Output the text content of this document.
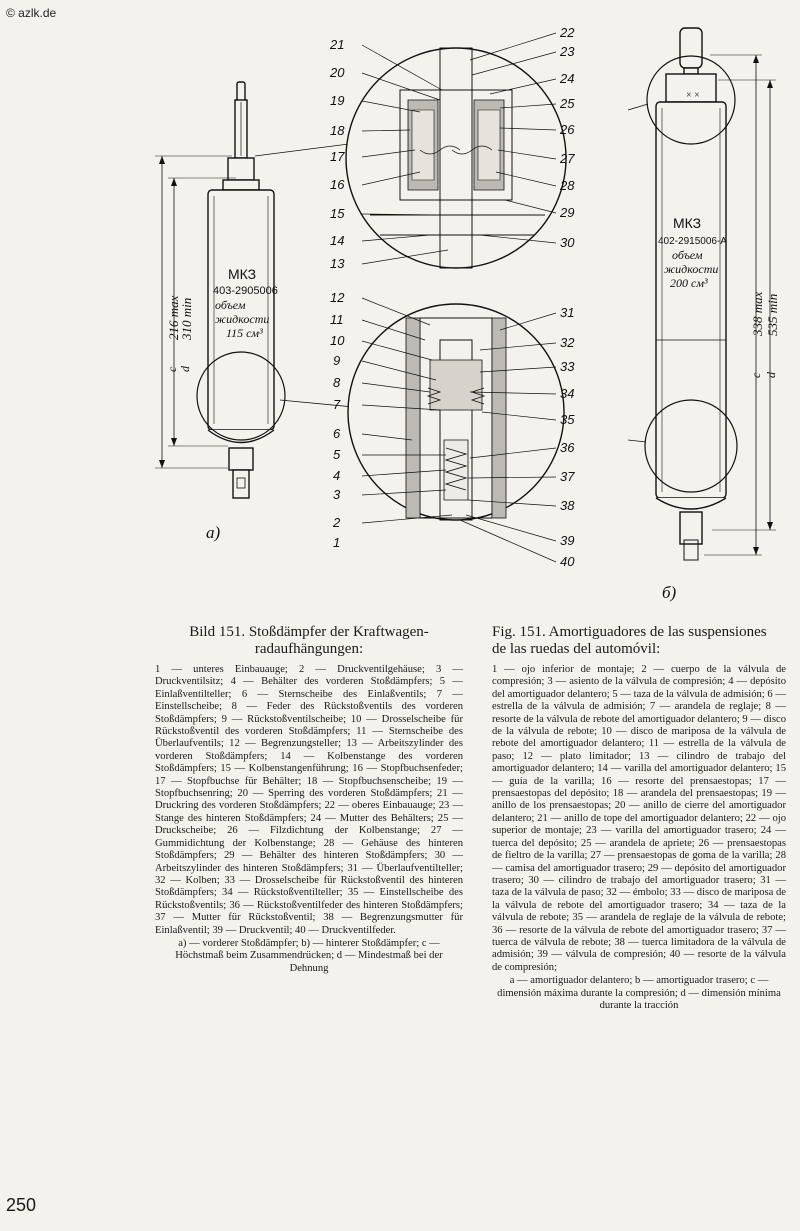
© azlk.de
МКЗ
403-2905006
объем
жидкости
115 см³
216 max
310 min
c d
a)
21
20
19
18
17
16
15
14
13
12
11
10
9
8
7
6
5
4
3
2
1
22
23
24
25
26
27
28
29
30
31
32
33
34
35
36
37
38
39
40
× ×
МКЗ
402-2915006-А
объем
жидкости
200 см³
338 max 535 min
c d
б)
Bild 151. Stoßdämpfer der Kraftwagen-radaufhängungen:
1 — unteres Einbauauge; 2 — Druckventilgehäuse; 3 — Druckventilsitz; 4 — Behälter des vorderen Stoßdämpfers; 5 — Einlaßventilteller; 6 — Sternscheibe des Einlaßventils; 7 — Einstellscheibe; 8 — Feder des Rückstoßventils des vorderen Stoßdämpfers; 9 — Rückstoßventilscheibe; 10 — Drosselscheibe für Rückstoßventil des vorderen Stoßdämpfers; 11 — Sternscheibe des Überlaufventils; 12 — Begrenzungsteller; 13 — Arbeitszylinder des vorderen Stoßdämpfers; 14 — Kolbenstange des vorderen Stoßdämpfers; 15 — Kolbenstangenführung; 16 — Stopfbuchsenfeder; 17 — Stopfbuchse für Behälter; 18 — Stopfbuchsenscheibe; 19 — Stopfbuchsenring; 20 — Sperring des vorderen Stoßdämpfers; 21 — Druckring des vorderen Stoßdämpfers; 22 — oberes Einbauauge; 23 — Stange des hinteren Stoßdämpfers; 24 — Mutter des Behälters; 25 — Druckscheibe; 26 — Filzdichtung der Kolbenstange; 27 — Gummidichtung der Kolbenstange; 28 — Gehäuse des hinteren Stoßdämpfers; 29 — Behälter des hinteren Stoßdämpfers; 30 — Arbeitszylinder des hinteren Stoßdämpfers; 31 — Überlaufventilteller; 32 — Kolben; 33 — Drosselscheibe für Rückstoßventil des hinteren Stoßdämpfers; 34 — Rückstoßventilteller; 35 — Einstellscheibe des Rückstoßventils; 36 — Rückstoßventilfeder des hinteren Stoßdämpfers; 37 — Mutter für Rückstoßventil; 38 — Begrenzungsmutter für Einlaßventil; 39 — Druckventil; 40 — Druckventilfeder.
a) — vorderer Stoßdämpfer; b) — hinterer Stoßdämpfer; c — Höchstmaß beim Zusammendrücken; d — Mindestmaß bei der Dehnung
Fig. 151. Amortiguadores de las suspensiones de las ruedas del automóvil:
1 — ojo inferior de montaje; 2 — cuerpo de la válvula de compresión; 3 — asiento de la válvula de compresión; 4 — depósito del amortiguador delantero; 5 — taza de la válvula de admisión; 6 — estrella de la válvula de admisión; 7 — arandela de reglaje; 8 — resorte de la válvula de rebote del amortiguador delantero; 9 — disco de la válvula de rebote; 10 — disco de mariposa de la válvula de rebote del amortiguador delantero; 11 — estrella de la válvula de paso; 12 — plato limitador; 13 — cilindro de trabajo del amortiguador delantero; 14 — varilla del amortiguador delantero; 15 — guía de la varilla; 16 — resorte del prensaestopas; 17 — prensaestopas del depósito; 18 — arandela del prensaestopas; 19 — anillo de los prensaestopas; 20 — anillo de cierre del amortiguador delantero; 21 — anillo de tope del amortiguador delantero; 22 — ojo superior de montaje; 23 — varilla del amortiguador trasero; 24 — tuerca del depósito; 25 — arandela de apriete; 26 — prensaestopas de fieltro de la varilla; 27 — prensaestopas de goma de la varilla; 28 — camisa del amortiguador trasero; 29 — depósito del amortiguador trasero; 30 — cilindro de trabajo del amortiguador trasero; 31 — taza de la válvula de paso; 32 — émbolo; 33 — disco de mariposa de la válvula de rebote del amortiguador trasero; 34 — taza de la válvula de rebote; 35 — arandela de reglaje de la válvula de rebote; 36 — resorte de la válvula de rebote del amortiguador trasero; 37 — tuerca de válvula de rebote; 38 — tuerca limitadora de la válvula de admisión; 39 — válvula de compresión; 40 — resorte de la válvula de compresión;
a — amortiguador delantero; b — amortiguador trasero; c — dimensión máxima durante la compresión; d — dimensión mínima durante la tracción
250
